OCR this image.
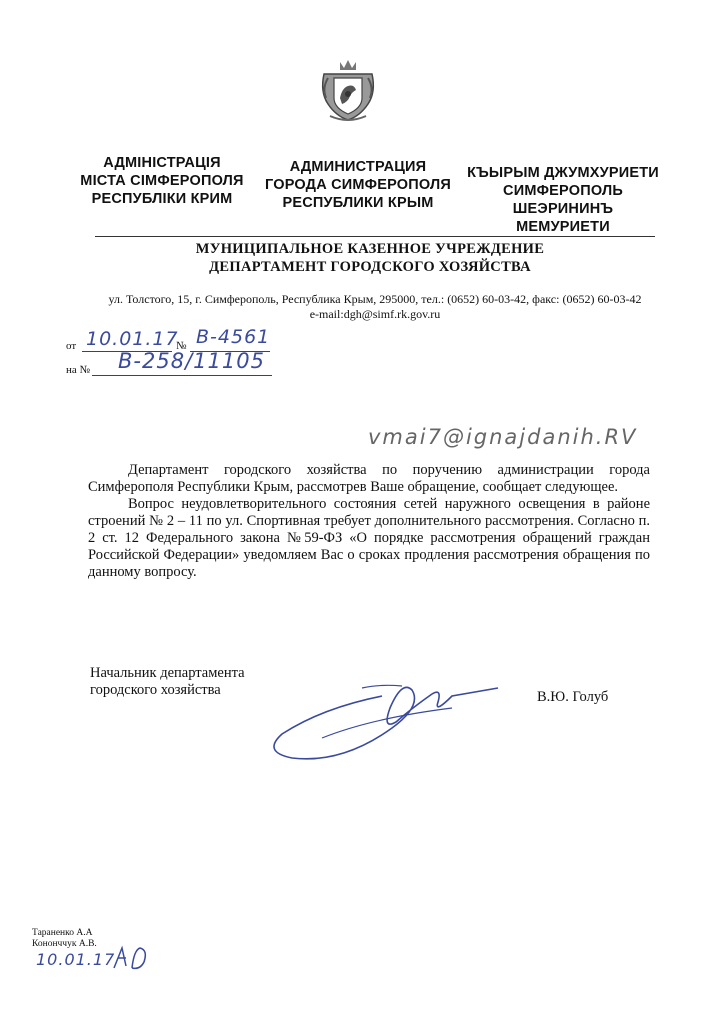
АДМІНІСТРАЦІЯ
МІСТА СІМФЕРОПОЛЯ
РЕСПУБЛІКИ КРИМ
АДМИНИСТРАЦИЯ
ГОРОДА СИМФЕРОПОЛЯ
РЕСПУБЛИКИ КРЫМ
КЪЫРЫМ ДЖУМХУРИЕТИ
СИМФЕРОПОЛЬ
ШЕЭРИНИНЪ
МЕМУРИЕТИ
МУНИЦИПАЛЬНОЕ КАЗЕННОЕ УЧРЕЖДЕНИЕ
ДЕПАРТАМЕНТ ГОРОДСКОГО ХОЗЯЙСТВА
ул. Толстого, 15, г. Симферополь, Республика Крым, 295000, тел.: (0652) 60-03-42, факс: (0652) 60-03-42
e-mail:dgh@simf.rk.gov.ru
от 10.01.17
№ В-4561
на № В-258/11105
vmai7@ignajdanih.RV

Департамент городского хозяйства по поручению администрации города Симферополя Республики Крым, рассмотрев Ваше обращение, сообщает следующее.

Вопрос неудовлетворительного состояния сетей наружного освещения в районе строений № 2 – 11 по ул. Спортивная требует дополнительного рассмотрения. Согласно п. 2 ст. 12 Федерального закона №59-ФЗ «О порядке рассмотрения обращений граждан Российской Федерации» уведомляем Вас о сроках продления рассмотрения обращения по данному вопросу.

Начальник департамента
городского хозяйства	В.Ю. Голуб
Тараненко А.А
Кононччук А.В.
10.01.17
